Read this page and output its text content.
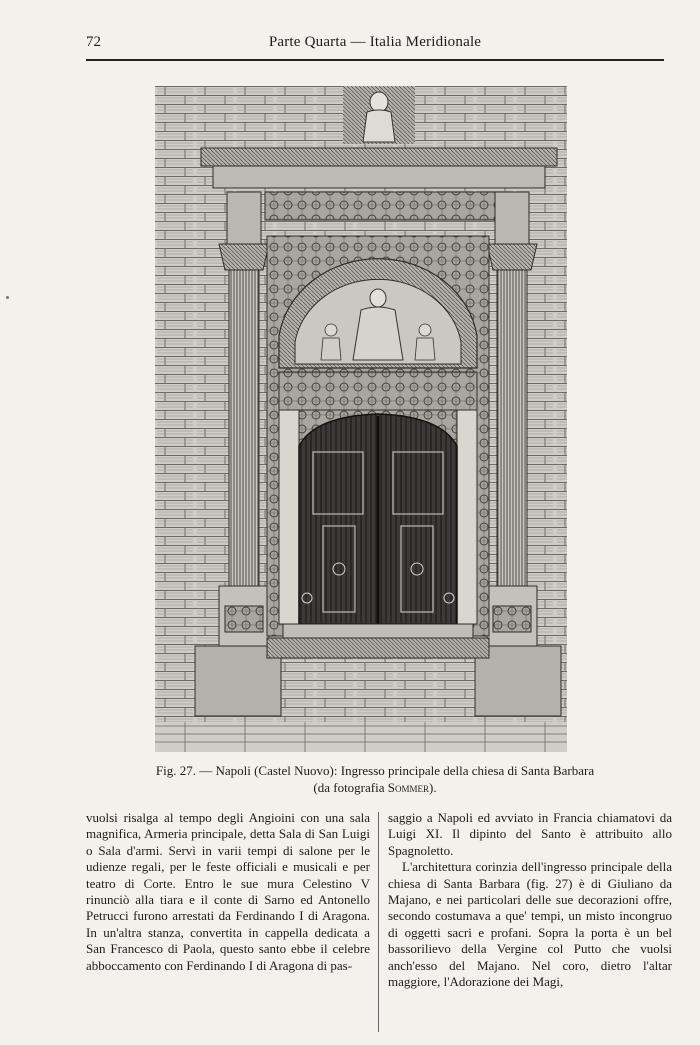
72	Parte Quarta — Italia Meridionale
Fig. 27. — Napoli (Castel Nuovo): Ingresso principale della chiesa di Santa Barbara
(da fotografia Sommer).

vuolsi risalga al tempo degli Angioini con una sala magnifica, Armeria principale, detta Sala di San Luigi o Sala d'armi. Servì in varii tempi di salone per le udienze regali, per le feste officiali e musicali e per teatro di Corte. Entro le sue mura Celestino V rinunciò alla tiara e il conte di Sarno ed Antonello Petrucci furono arrestati da Ferdinando I di Aragona. In un'altra stanza, convertita in cappella dedicata a San Francesco di Paola, questo santo ebbe il celebre abboccamento con Ferdinando I di Aragona di pas-

saggio a Napoli ed avviato in Francia chiamatovi da Luigi XI. Il dipinto del Santo è attribuito allo Spagnoletto.

L'architettura corinzia dell'ingresso principale della chiesa di Santa Barbara (fig. 27) è di Giuliano da Majano, e nei particolari delle sue decorazioni offre, secondo costumava a que' tempi, un misto incongruo di oggetti sacri e profani. Sopra la porta è un bel bassorilievo della Vergine col Putto che vuolsi anch'esso del Majano. Nel coro, dietro l'altar maggiore, l'Adorazione dei Magi,
